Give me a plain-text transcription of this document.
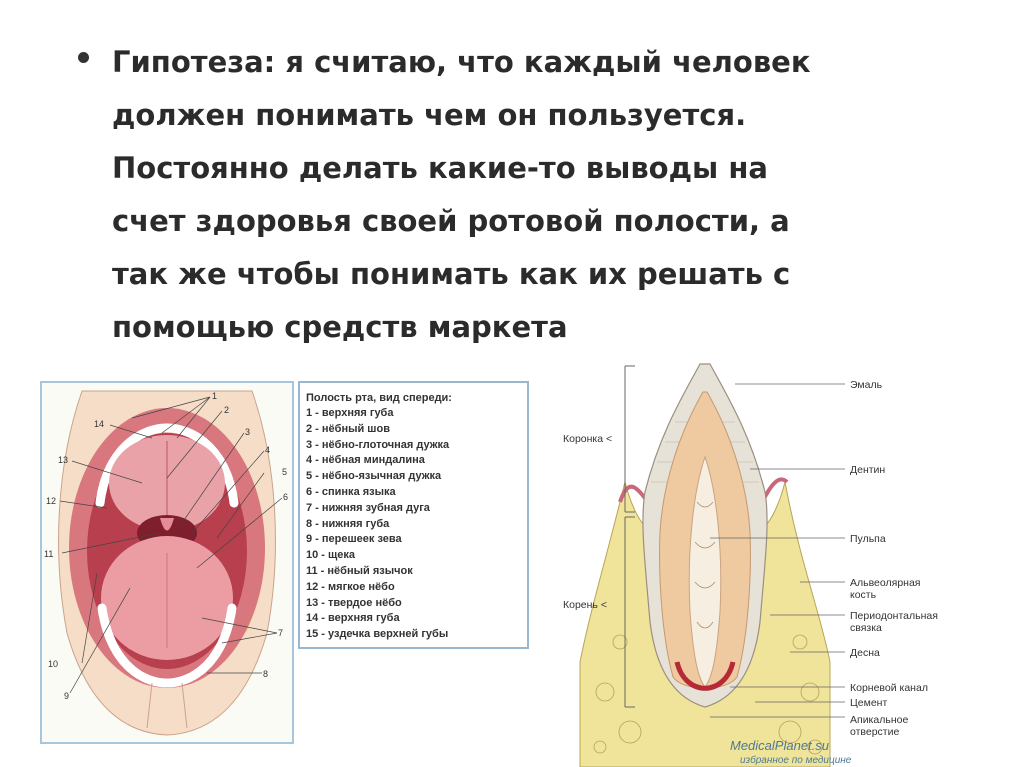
Гипотеза: я считаю, что каждый человек
должен понимать чем он пользуется.
Постоянно делать какие-то выводы на
счет здоровья своей ротовой полости, а
так же чтобы понимать как их решать с
помощью средств маркета
1
2
3
4
5
6
7
8
9
10
11
12
13
14
Полость рта, вид спереди:
1 - верхняя губа
2 - нёбный шов
3 - нёбно-глоточная дужка
4 - нёбная миндалина
5 - нёбно-язычная дужка
6 - спинка языка
7 - нижняя зубная дуга
8 - нижняя губа
9 - перешеек зева
10 - щека
11 - нёбный язычок
12 - мягкое нёбо
13 - твердое нёбо
14 - верхняя губа
15 - уздечка верхней губы
Коронка <
Корень <
Эмаль
Дентин
Пульпа
Альвеолярная
кость
Периодонтальная
связка
Десна
Корневой канал
Цемент
Апикальное
отверстие
MedicalPlanet.su
избранное по медицине
